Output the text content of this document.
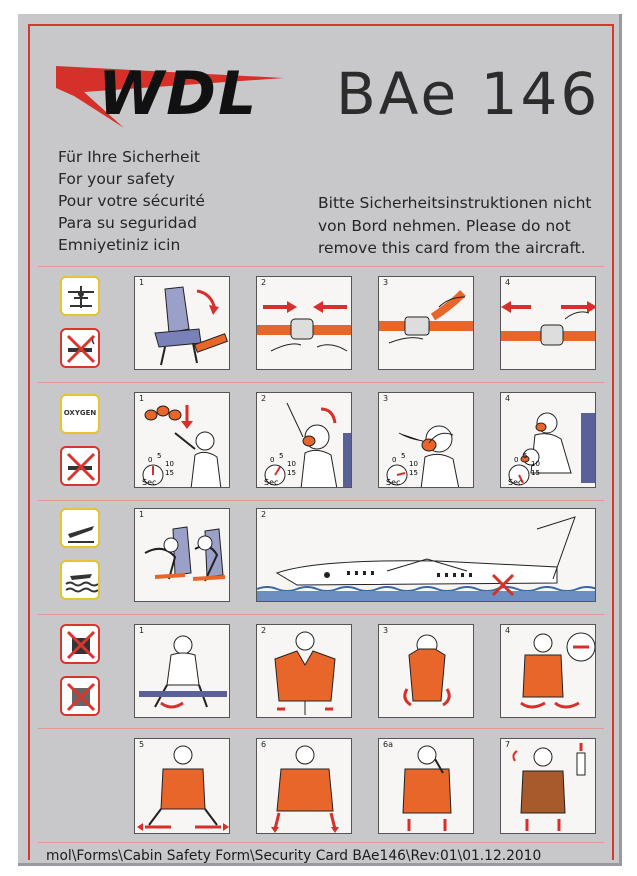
WDL BAe 146
Für Ihre Sicherheit
For your safety
Pour votre sécurité
Para su seguridad
Emniyetiniz icin
Bitte Sicherheitsinstruktionen nicht
von Bord nehmen. Please do not
remove this card from the aircraft.
1	2	3	4
OXYGEN
1	2	3	4
Sec	Sec	Sec	Sec
0 5
10
15
0 5
10
15
0 5
10
15
0 5
10
15
1	2
1	2	3	4
5	6	6a	7
mol\Forms\Cabin Safety Form\Security Card BAe146\Rev:01\01.12.2010
